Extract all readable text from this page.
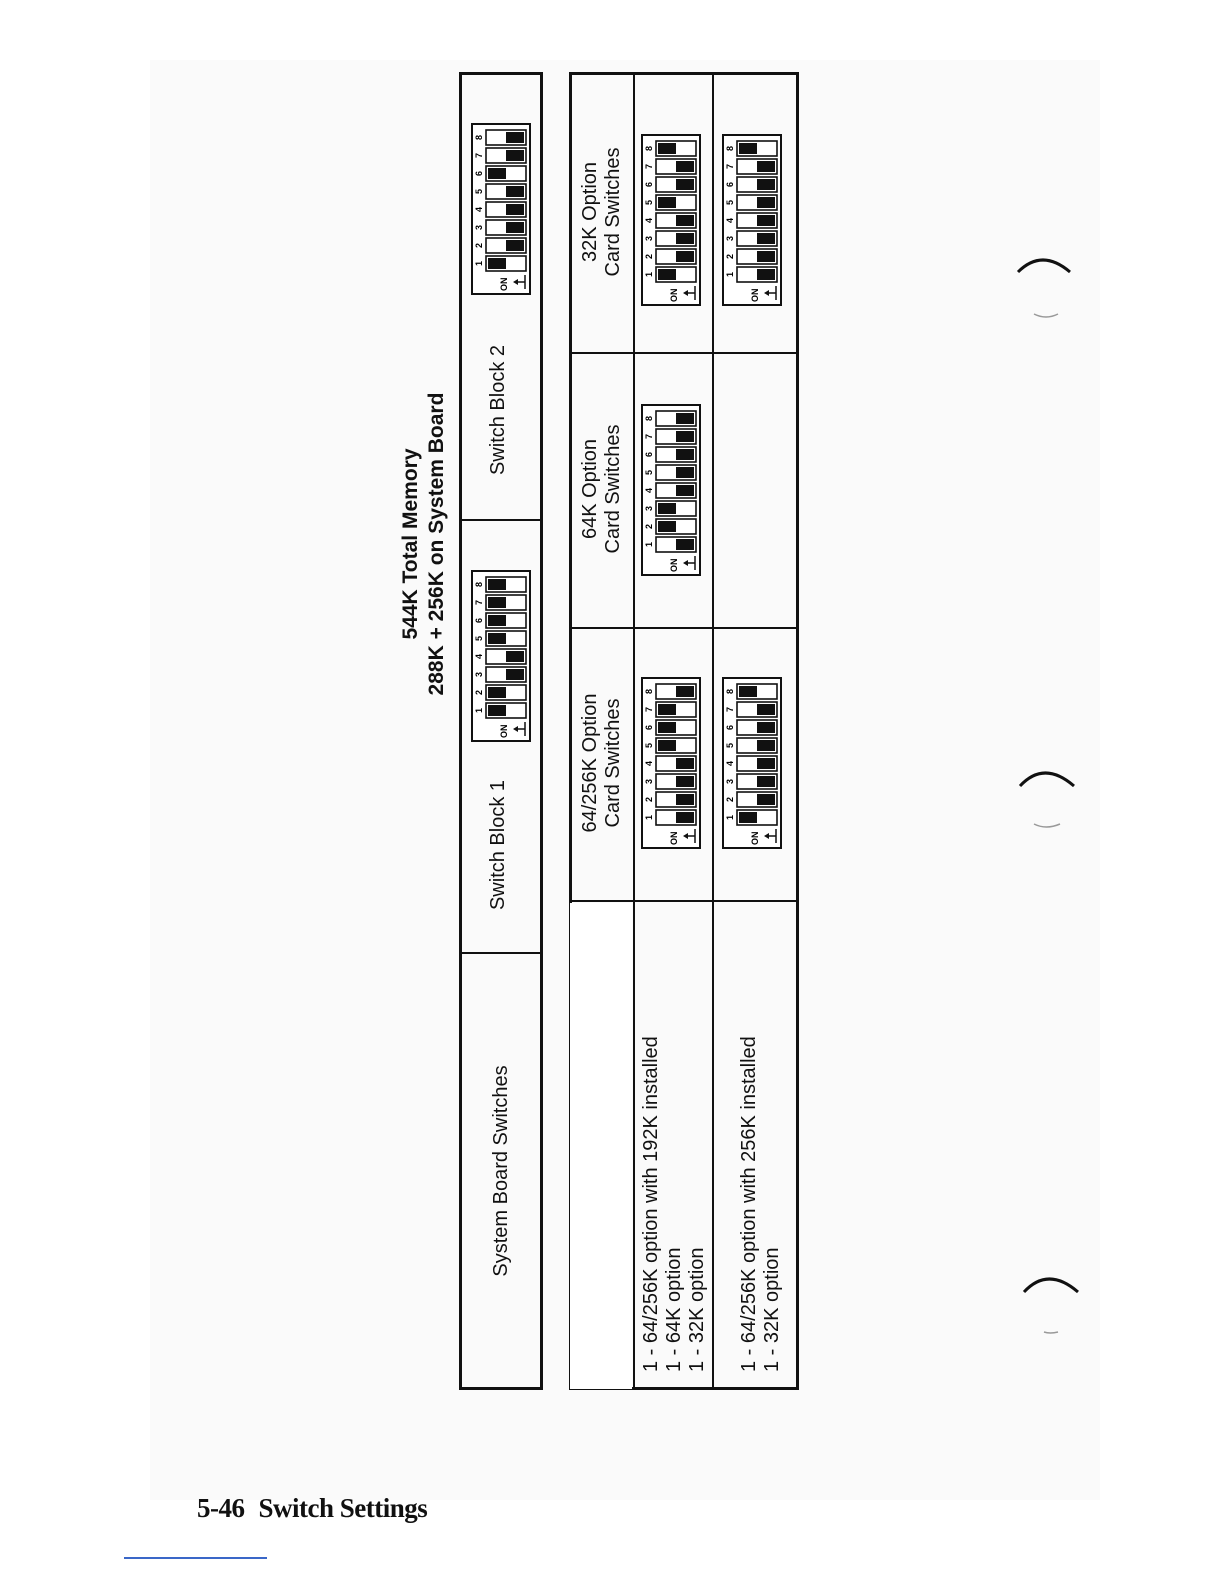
544K Total Memory 288K + 256K on System Board
System Board Switches
Switch Block 1
Switch Block 2
ON
1
2
3
4
5
6
7
8
ON
1
2
3
4
5
6
7
8
64/256K Option
Card Switches
64K Option
Card Switches
32K Option
Card Switches
1 - 64/256K option with 192K installed
1 - 64K option
1 - 32K option
ON
1
2
3
4
5
6
7
8
ON
1
2
3
4
5
6
7
8
ON
1
2
3
4
5
6
7
8
1 - 64/256K option with 256K installed
1 - 32K option
ON
1
2
3
4
5
6
7
8
ON
1
2
3
4
5
6
7
8
5-46 Switch Settings
